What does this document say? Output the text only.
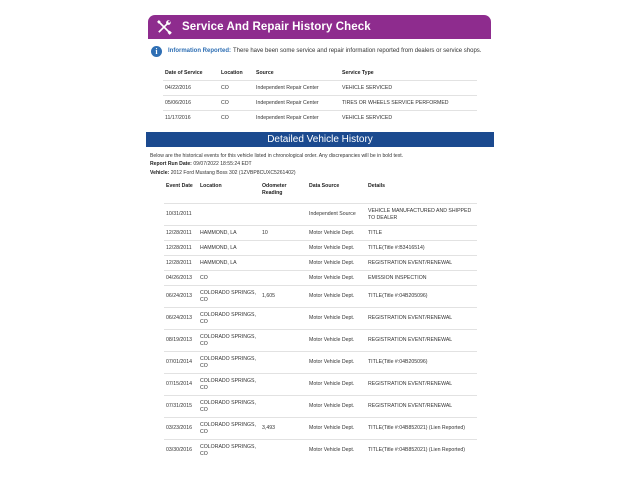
Service And Repair History Check
i	Information Reported: There have been some service and repair information reported from dealers or service shops.
Date of Service	Location	Source	Service Type
04/22/2016	CO	Independent Repair Center	VEHICLE SERVICED
05/06/2016	CO	Independent Repair Center	TIRES OR WHEELS SERVICE PERFORMED
11/17/2016	CO	Independent Repair Center	VEHICLE SERVICED
Detailed Vehicle History
Below are the historical events for this vehicle listed in chronological order. Any discrepancies will be in bold text.
Report Run Date: 09/07/2022 18:55:24 EDT
Vehicle: 2012 Ford Mustang Boss 302 (1ZVBP8CUXC5261402)
Event Date	Location	Odometer Reading	Data Source	Details
10/31/2011			Independent Source	VEHICLE MANUFACTURED AND SHIPPED TO DEALER
12/28/2011	HAMMOND, LA	10	Motor Vehicle Dept.	TITLE
12/28/2011	HAMMOND, LA		Motor Vehicle Dept.	TITLE(Title #:B3416514)
12/28/2011	HAMMOND, LA		Motor Vehicle Dept.	REGISTRATION EVENT/RENEWAL
04/26/2013	CO		Motor Vehicle Dept.	EMISSION INSPECTION
06/24/2013	COLORADO SPRINGS, CO	1,605	Motor Vehicle Dept.	TITLE(Title #:04B205096)
06/24/2013	COLORADO SPRINGS, CO		Motor Vehicle Dept.	REGISTRATION EVENT/RENEWAL
08/19/2013	COLORADO SPRINGS, CO		Motor Vehicle Dept.	REGISTRATION EVENT/RENEWAL
07/01/2014	COLORADO SPRINGS, CO		Motor Vehicle Dept.	TITLE(Title #:04B205096)
07/15/2014	COLORADO SPRINGS, CO		Motor Vehicle Dept.	REGISTRATION EVENT/RENEWAL
07/31/2015	COLORADO SPRINGS, CO		Motor Vehicle Dept.	REGISTRATION EVENT/RENEWAL
03/23/2016	COLORADO SPRINGS, CO	3,493	Motor Vehicle Dept.	TITLE(Title #:04B852021) (Lien Reported)
03/30/2016	COLORADO SPRINGS, CO		Motor Vehicle Dept.	TITLE(Title #:04B852021) (Lien Reported)
